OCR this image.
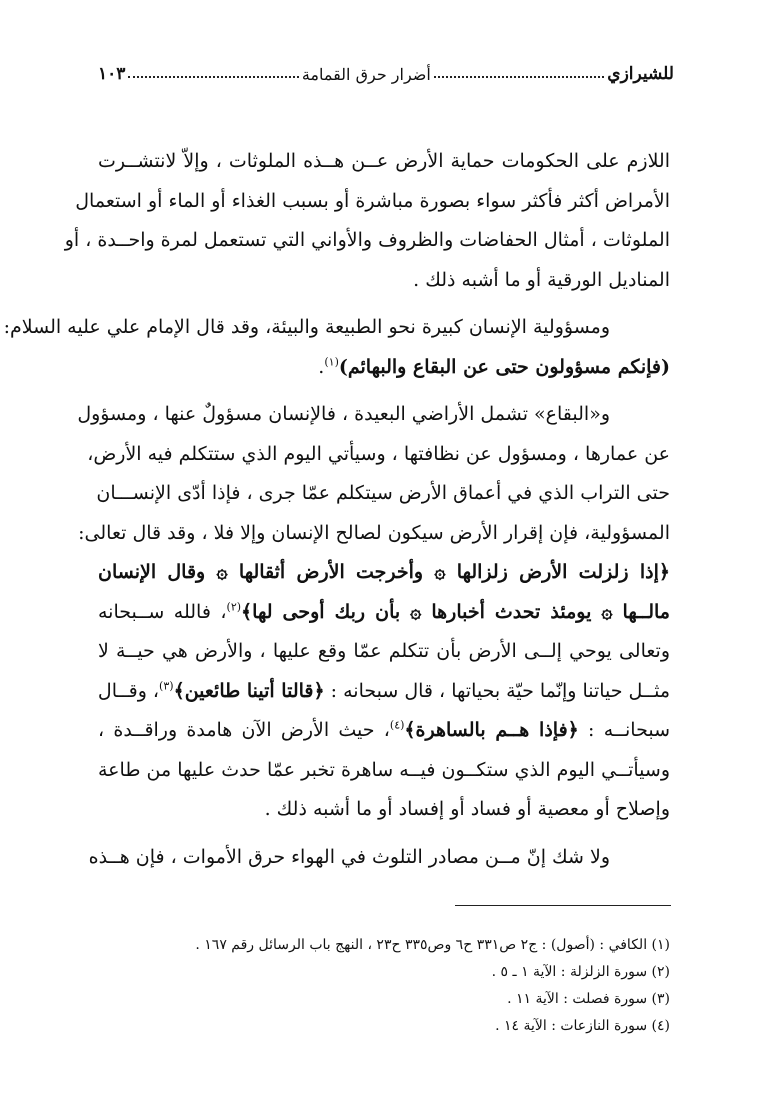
للشيرازي
أضرار حرق القمامة
١٠٣
اللازم على الحكومات حماية الأرض عــن هــذه الملوثات ، وإلاّ لانتشــرت
الأمراض أكثر فأكثر سواء بصورة مباشرة أو بسبب الغذاء أو الماء أو استعمال
الملوثات ، أمثال الحفاضات والظروف والأواني التي تستعمل لمرة واحــدة ، أو
المناديل الورقية أو ما أشبه ذلك .
ومسؤولية الإنسان كبيرة نحو الطبيعة والبيئة، وقد قال الإمام علي عليه السلام:
(فإنكم مسؤولون حتى عن البقاع والبهائم)$^{(١)}$.
و«البقاع» تشمل الأراضي البعيدة ، فالإنسان مسؤولٌ عنها ، ومسؤول
عن عمارها ، ومسؤول عن نظافتها ، وسيأتي اليوم الذي ستتكلم فيه الأرض،
حتى التراب الذي في أعماق الأرض سيتكلم عمّا جرى ، فإذا أدّى الإنســـان
المسؤولية، فإن إقرار الأرض سيكون لصالح الإنسان وإلا فلا ، وقد قال تعالى:
﴿إذا زلزلت الأرض زلزالها ۞ وأخرجت الأرض أثقالها ۞ وقال الإنسان
مالــها ۞ يومئذ تحدث أخبارها ۞ بأن ربك أوحى لها﴾$^{(٢)}$، فالله ســبحانه
وتعالى يوحي إلــى الأرض بأن تتكلم عمّا وقع عليها ، والأرض هي حيــة لا
مثــل حياتنا وإنّما حيّة بحياتها ، قال سبحانه : ﴿قالتا أتينا طائعين﴾$^{(٣)}$، وقــال
سبحانــه : ﴿فإذا هــم بالساهرة﴾$^{(٤)}$، حيث الأرض الآن هامدة وراقــدة ،
وسيأتــي اليوم الذي ستكــون فيــه ساهرة تخبر عمّا حدث عليها من طاعة
وإصلاح أو معصية أو فساد أو إفساد أو ما أشبه ذلك .
ولا شك إنّ مــن مصادر التلوث في الهواء حرق الأموات ، فإن هــذه
(١) الكافي : (أصول) : ج٢ ص٣٣١ ح٦ وص٣٣٥ ح٢٣ ، النهج باب الرسائل رقم ١٦٧ .
(٢) سورة الزلزلة : الآية ١ ـ ٥ .
(٣) سورة فصلت : الآية ١١ .
(٤) سورة النازعات : الآية ١٤ .
